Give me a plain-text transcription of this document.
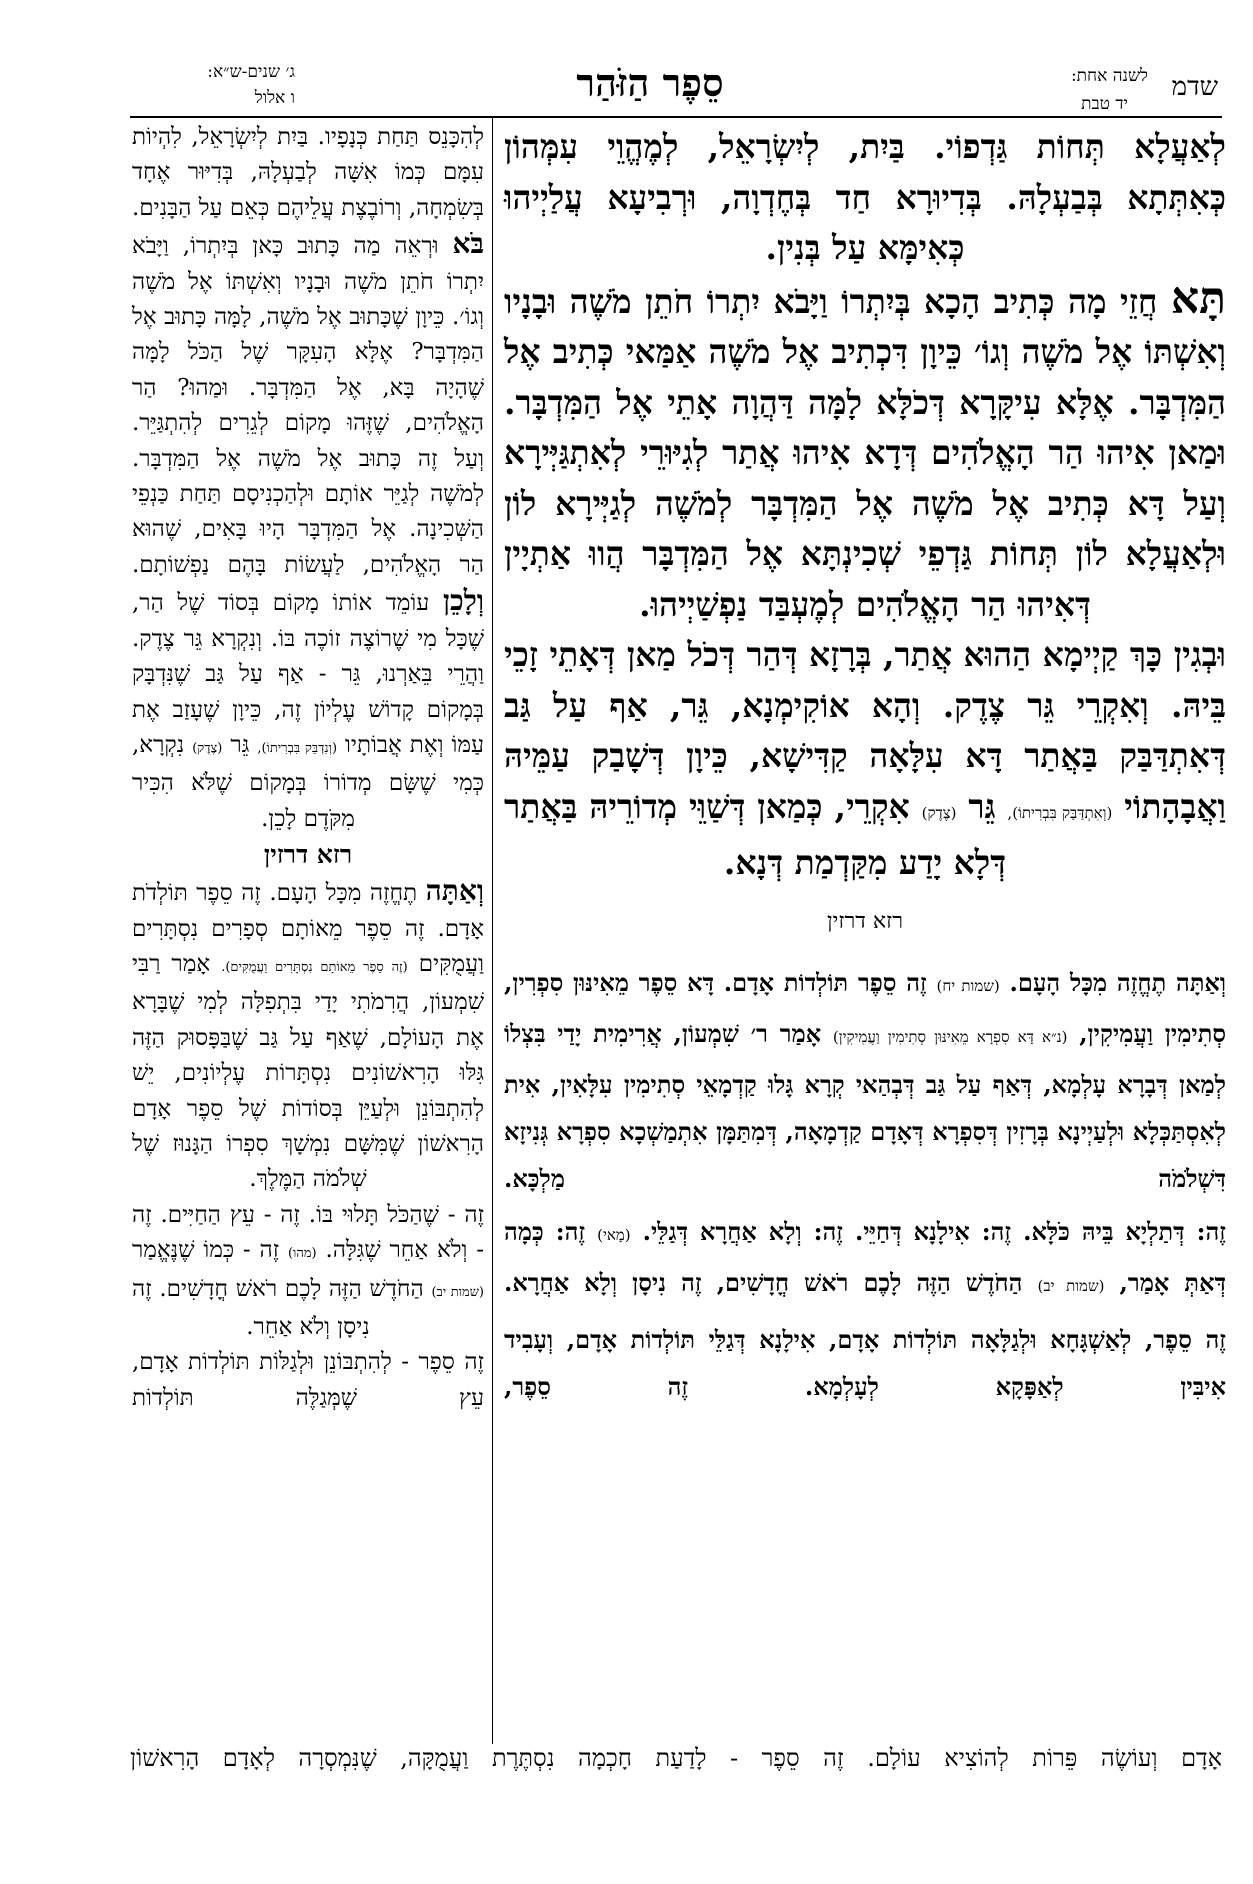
שדמ
לשנה אחת:
יד טבת
סֵפֶר הַזֹּהַר
ג׳ שנים-ש״א:
ו אלול

לְאַעֲלָא תְּחוֹת גַּדְפוֹי. בַּיִת, לְיִשְׂרָאֵל, לְמֶהֱוֵי עִמְּהוֹן כְּאִתְּתָא בְּבַעְלָהּ. בְּדִיוּרָא חַד בְּחֶדְוָה, וּרְבִיעָא עֲלַיְיהוּ כְּאִימָּא עַל בְּנִין.

תָּא חֲזֵי מָה כְּתִיב הָכָא בְּיִתְרוֹ וַיָּבֹא יִתְרוֹ חֹתֵן מֹשֶׁה וּבָנָיו וְאִשְׁתּוֹ אֶל מֹשֶׁה וְגוֹ׳ כֵּיוָן דִּכְתִיב אֶל מֹשֶׁה אַמַּאי כְּתִיב אֶל הַמִּדְבָּר. אֶלָּא עִיקָּרָא דְּכֹלָּא לָמָּה דַּהֲוָה אָתֵי אֶל הַמִּדְבָּר. וּמַאן אִיהוּ הַר הָאֱלֹהִים דְּדָא אִיהוּ אֲתַר לְגִיּוּרֵי לְאִתְגַּיְּירָא וְעַל דָּא כְּתִיב אֶל מֹשֶׁה אֶל הַמִּדְבָּר לְמֹשֶׁה לְגַיְּירָא לוֹן וּלְאַעֲלָא לוֹן תְּחוֹת גַּדְפֵי שְׁכִינְתָּא אֶל הַמִּדְבָּר הֲווּ אַתְיָין דְּאִיהוּ הַר הָאֱלֹהִים לְמֶעְבַּד נַפְשַׁיְיהוּ.

וּבְגִין כָּךְ קַיְימָא הַהוּא אֲתַר, בְּרָזָא דְּהַר דְּכֹל מַאן דְּאָתֵי זָכֵי בֵּיהּ. וְאִקְרֵי גֵּר צֶדֶק. וְהָא אוֹקִימְנָא, גֵּר, אַף עַל גַּב דְּאִתְדַּבַּק בַּאֲתַר דָּא עִלָּאָה קַדִּישָׁא, כֵּיוָן דְּשָׁבַק עַמֵּיהּ וַאֲבָהָתוֹי (וְאִתְדַּבַּק בִּבְרִיתוֹ), גֵּר (צֶדֶק) אִקְרֵי, כְּמַאן דְּשַׁוֵּי מְדוֹרֵיהּ בַּאֲתַר דְּלָא יָדַע מִקַּדְמַת דְּנָא.

רזא דרזין

וְאַתָּה תֶחֱזֶה מִכָּל הָעָם. (שמות יח) זֶה סֵפֶר תּוֹלְדוֹת אָדָם. דָּא סֵפֶר מֵאִינּוּן סִפְרִין, סְתִימִין וַעֲמִיקִין, (נ״א דָּא סִפְרָא מֵאִינּוּן סְתִימִין וַעֲמִיקִין) אָמַר ר׳ שִׁמְעוֹן, אֲרִימִית יָדַי בִּצְלוֹ לְמַאן דְּבָרָא עָלְמָא, דְּאַף עַל גַּב דְּבְהַאי קְרָא גָּלוּ קַדְמָאֵי סְתִימִין עִלָּאִין, אִית לְאִסְתַּכְּלָא וּלְעַיְינָא בְּרָזִין דְּסִפְרָא דְּאָדָם קַדְמָאָה, דְּמִתַּמָּן אִתְמַשְׁכָא סִפְרָא גְּנִיזָא דִּשְׁלֹמֹה מַלְכָּא.

זֶה: דְּתַלְיָא בֵּיהּ כֹּלָּא. זֶה: אִילָנָא דְּחַיֵּי. זֶה: וְלָא אַחֲרָא דְּגַלֵּי. (מָאי) זֶה: כְּמָה דְּאַתְּ אָמַר, (שמות יב) הַחֹדֶשׁ הַזֶּה לָכֶם רֹאשׁ חֳדָשִׁים, זֶה נִיסָן וְלָא אַחֲרָא.

זֶה סֵפֶר, לְאַשְׁגָּחָא וּלְגַלָּאָה תּוֹלְדוֹת אָדָם, אִילָנָא דְּגַלֵּי תּוֹלְדוֹת אָדָם, וְעָבִיד אִיבִּין לְאַפָּקָא לְעָלְמָא. זֶה סֵפֶר,

לְהִכָּנֵס תַּחַת כְּנָפָיו. בַּיִת לְיִשְׂרָאֵל, לִהְיוֹת עִמָּם כְּמוֹ אִשָּׁה לְבַעְלָהּ, בְּדִיּוּר אֶחָד בְּשִׂמְחָה, וְרוֹבֶצֶת עֲלֵיהֶם כְּאֵם עַל הַבָּנִים.

בֹּא וּרְאֵה מַה כָּתוּב כָּאן בְּיִתְרוֹ, וַיָּבֹא יִתְרוֹ חֹתֵן מֹשֶׁה וּבָנָיו וְאִשְׁתּוֹ אֶל מֹשֶׁה וְגוֹ׳. כֵּיוָן שֶׁכָּתוּב אֶל מֹשֶׁה, לָמָּה כָּתוּב אֶל הַמִּדְבָּר? אֶלָּא הָעִקָּר שֶׁל הַכֹּל לָמָּה שֶׁהָיָה בָּא, אֶל הַמִּדְבָּר. וּמַהוּ? הַר הָאֱלֹהִים, שֶׁזֶּהוּ מָקוֹם לְגֵרִים לְהִתְגַּיֵּר. וְעַל זֶה כָּתוּב אֶל מֹשֶׁה אֶל הַמִּדְבָּר. לְמֹשֶׁה לְגַיֵּר אוֹתָם וּלְהַכְנִיסָם תַּחַת כַּנְפֵי הַשְּׁכִינָה. אֶל הַמִּדְבָּר הָיוּ בָּאִים, שֶׁהוּא הַר הָאֱלֹהִים, לַעֲשׂוֹת בָּהֶם נַפְשׁוֹתָם.

וְלָכֵן עוֹמֵד אוֹתוֹ מָקוֹם בְּסוֹד שֶׁל הַר, שֶׁכָּל מִי שֶׁרוֹצֶה זוֹכֶה בּוֹ. וְנִקְרָא גֵּר צֶדֶק. וַהֲרֵי בֵּאַרְנוּ, גֵּר - אַף עַל גַּב שֶׁנִּדְבָּק בְּמָקוֹם קָדוֹשׁ עֶלְיוֹן זֶה, כֵּיוָן שֶׁעָזַב אֶת עַמּוֹ וְאֶת אֲבוֹתָיו (וְנִדְבַּק בִּבְרִיתוֹ), גֵּר (צֶדֶק) נִקְרָא, כְּמִי שֶׁשָּׂם מְדוֹרוֹ בְּמָקוֹם שֶׁלֹּא הִכִּיר מִקֹּדֶם לָכֵן.

רזא דרזין

וְאַתָּה תֶחֱזֶה מִכָּל הָעָם. זֶה סֵפֶר תּוֹלְדֹת אָדָם. זֶה סֵפֶר מֵאוֹתָם סְפָרִים נִסְתָּרִים וַעֲמֻקִּים (זֶה סֵפֶר מֵאוֹתָם נִסְתָּרִים וַעֲמֻקִּים). אָמַר רַבִּי שִׁמְעוֹן, הֲרִמֹתִי יָדַי בִּתְפִלָּה לְמִי שֶׁבָּרָא אֶת הָעוֹלָם, שֶׁאַף עַל גַּב שֶׁבַּפָּסוּק הַזֶּה גִּלּוּ הָרִאשׁוֹנִים נִסְתָּרוֹת עֶלְיוֹנִים, יֵשׁ לְהִתְבּוֹנֵן וּלְעַיֵּן בְּסוֹדוֹת שֶׁל סֵפֶר אָדָם הָרִאשׁוֹן שֶׁמִּשָּׁם נִמְשָׁךְ סִפְרוֹ הַגָּנוּז שֶׁל שְׁלֹמֹה הַמֶּלֶךְ.

זֶה - שֶׁהַכֹּל תָּלוּי בּוֹ. זֶה - עֵץ הַחַיִּים. זֶה - וְלֹא אַחֵר שֶׁגִּלָּה. (מהו) זֶה - כְּמוֹ שֶׁנֶּאֱמַר (שמות יב) הַחֹדֶשׁ הַזֶּה לָכֶם רֹאשׁ חֳדָשִׁים. זֶה נִיסָן וְלֹא אַחֵר.

זֶה סֵפֶר - לְהִתְבּוֹנֵן וּלְגַלּוֹת תּוֹלְדוֹת אָדָם, עֵץ שֶׁמְּגַלֶּה תּוֹלְדוֹת

אָדָם וְעוֹשֶׂה פֵּרוֹת לְהוֹצִיא עוֹלָם. זֶה סֵפֶר - לָדַעַת חָכְמָה נִסְתֶּרֶת וַעֲמֻקָּה, שֶׁנִּמְסְרָה לְאָדָם הָרִאשׁוֹן
